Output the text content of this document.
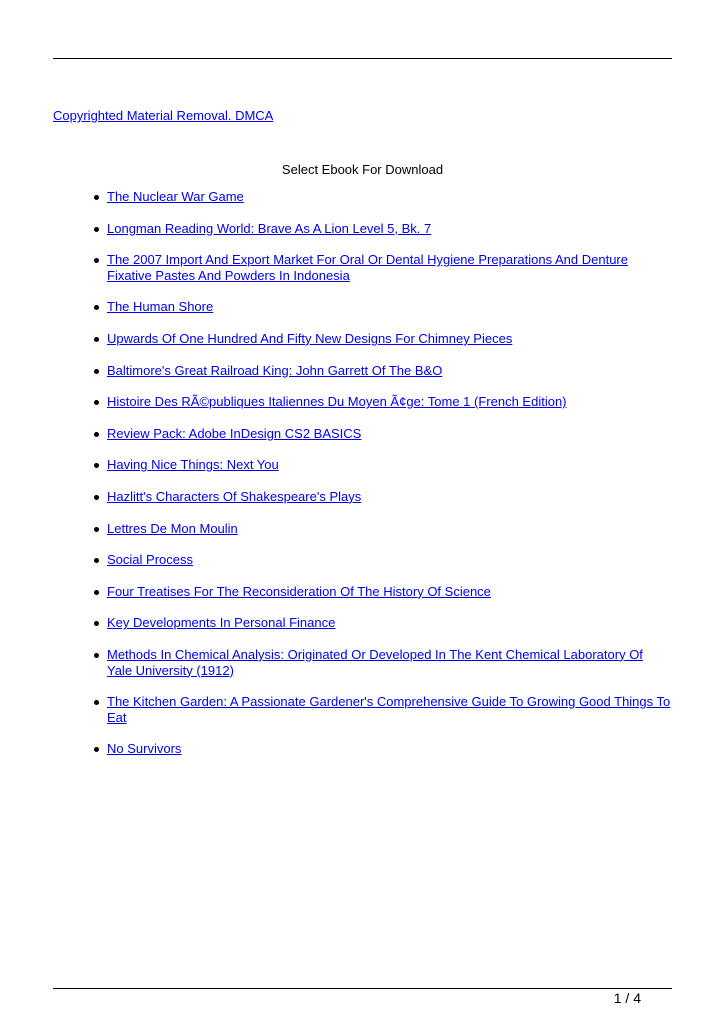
Copyrighted Material Removal. DMCA
Select Ebook For Download
The Nuclear War Game
Longman Reading World: Brave As A Lion Level 5, Bk. 7
The 2007 Import And Export Market For Oral Or Dental Hygiene Preparations And Denture Fixative Pastes And Powders In Indonesia
The Human Shore
Upwards Of One Hundred And Fifty New Designs For Chimney Pieces
Baltimore's Great Railroad King: John Garrett Of The B&O
Histoire Des RÃ©publiques Italiennes Du Moyen Ã¢ge: Tome 1 (French Edition)
Review Pack: Adobe InDesign CS2 BASICS
Having Nice Things: Next You
Hazlitt's Characters Of Shakespeare's Plays
Lettres De Mon Moulin
Social Process
Four Treatises For The Reconsideration Of The History Of Science
Key Developments In Personal Finance
Methods In Chemical Analysis: Originated Or Developed In The Kent Chemical Laboratory Of Yale University (1912)
The Kitchen Garden: A Passionate Gardener's Comprehensive Guide To Growing Good Things To Eat
No Survivors
1 / 4
